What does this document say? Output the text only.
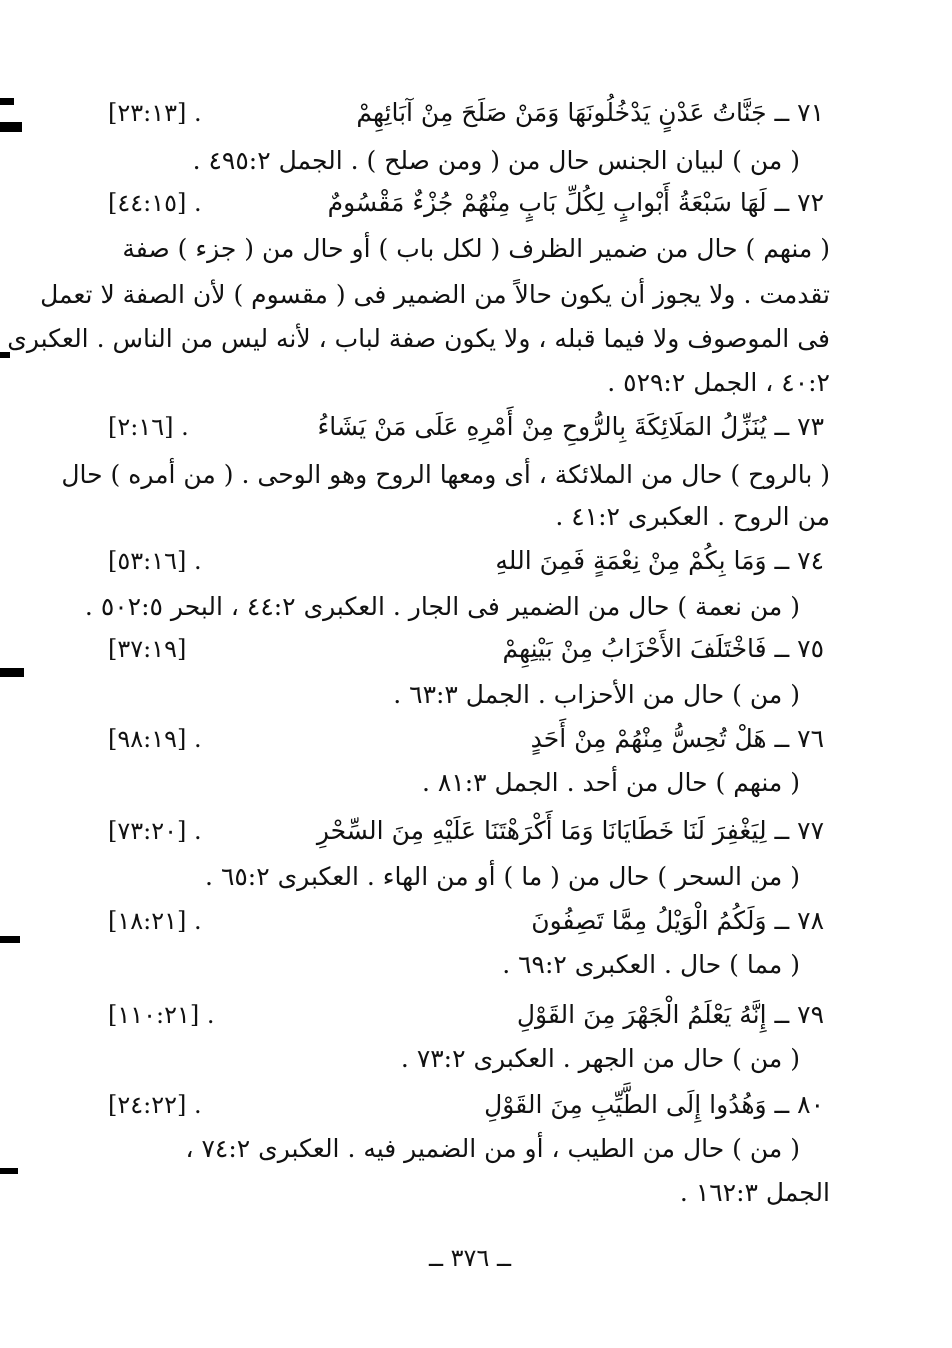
٧١ ــ جَنَّاتُ عَدْنٍ يَدْخُلُونَهَا وَمَنْ صَلَحَ مِنْ آبَائِهِمْ
[٢٣:١٣] .
( من ) لبيان الجنس حال من ( ومن صلح ) . الجمل ٤٩٥:٢ .
٧٢ ــ لَهَا سَبْعَةُ أَبْوابٍ لِكُلِّ بَابٍ مِنْهُمْ جُزْءٌ مَقْسُومٌ
[٤٤:١٥] .
( منهم ) حال من ضمير الظرف ( لكل باب ) أو حال من ( جزء ) صفة
تقدمت . ولا يجوز أن يكون حالاً من الضمير فى ( مقسوم ) لأن الصفة لا تعمل
فى الموصوف ولا فيما قبله ، ولا يكون صفة لباب ، لأنه ليس من الناس . العكبرى
٤٠:٢ ، الجمل ٥٢٩:٢ .
٧٣ ــ يُنَزِّلُ المَلَائِكَةَ بِالرُّوحِ مِنْ أَمْرِهِ عَلَى مَنْ يَشَاءُ
[٢:١٦] .
( بالروح ) حال من الملائكة ، أى ومعها الروح وهو الوحى . ( من أمره ) حال
من الروح . العكبرى ٤١:٢ .
٧٤ ــ وَمَا بِكُمْ مِنْ نِعْمَةٍ فَمِنَ اللهِ
[٥٣:١٦] .
( من نعمة ) حال من الضمير فى الجار . العكبرى ٤٤:٢ ، البحر ٥٠٢:٥ .
٧٥ ــ فَاخْتَلَفَ الأَحْزَابُ مِنْ بَيْنِهِمْ
[٣٧:١٩]
( من ) حال من الأحزاب . الجمل ٦٣:٣ .
٧٦ ــ هَلْ تُحِسُّ مِنْهُمْ مِنْ أَحَدٍ
[٩٨:١٩] .
( منهم ) حال من أحد . الجمل ٨١:٣ .
٧٧ ــ لِيَغْفِرَ لَنَا خَطَايَانَا وَمَا أَكْرَهْتَنَا عَلَيْهِ مِنَ السِّحْرِ
[٧٣:٢٠] .
( من السحر ) حال من ( ما ) أو من الهاء . العكبرى ٦٥:٢ .
٧٨ ــ وَلَكُمُ الْوَيْلُ مِمَّا تَصِفُونَ
[١٨:٢١] .
( مما ) حال . العكبرى ٦٩:٢ .
٧٩ ــ إِنَّهُ يَعْلَمُ الْجَهْرَ مِنَ القَوْلِ
[١١٠:٢١] .
( من ) حال من الجهر . العكبرى ٧٣:٢ .
٨٠ ــ وَهُدُوا إِلَى الطَّيِّبِ مِنَ القَوْلِ
[٢٤:٢٢] .
( من ) حال من الطيب ، أو من الضمير فيه . العكبرى ٧٤:٢ ،
الجمل ١٦٢:٣ .
ــ ٣٧٦ ــ
